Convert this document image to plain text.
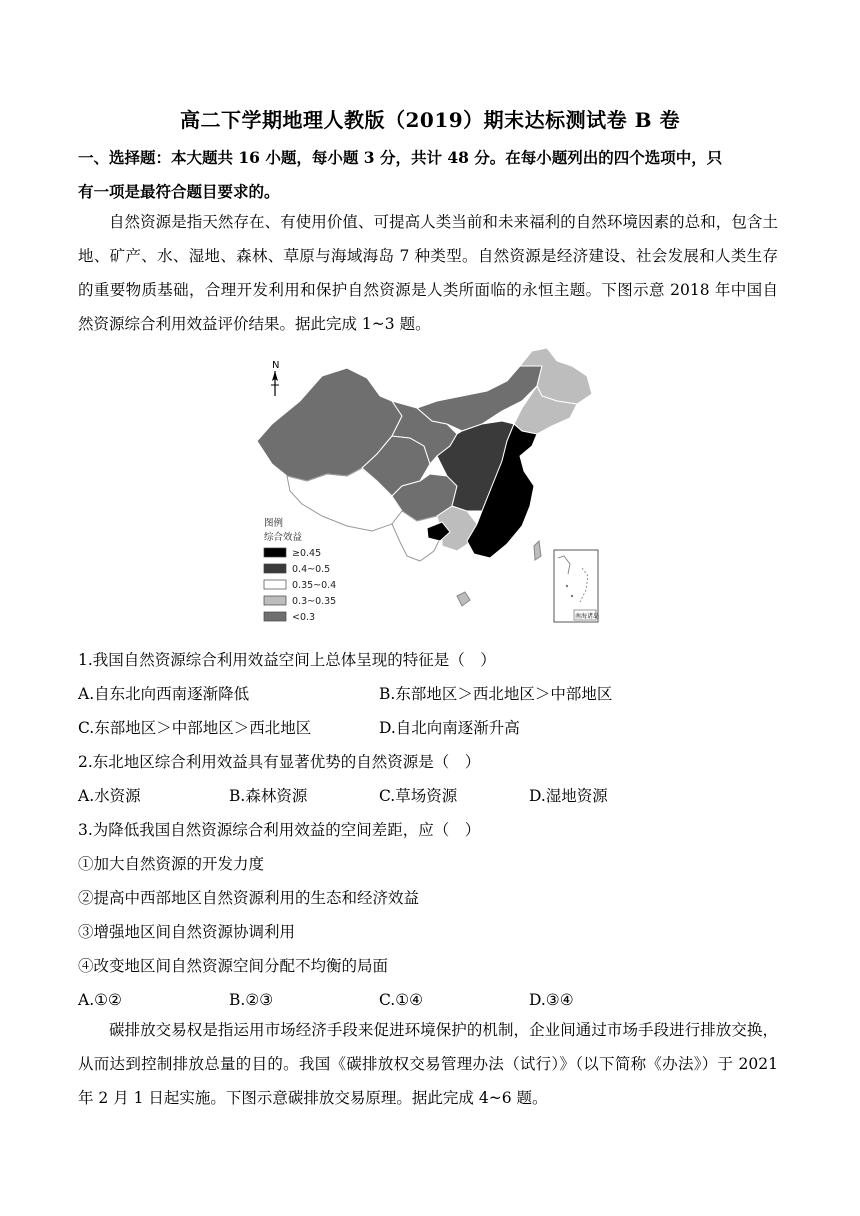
高二下学期地理人教版（2019）期末达标测试卷 B 卷
一、选择题：本大题共 16 小题，每小题 3 分，共计 48 分。在每小题列出的四个选项中，只
有一项是最符合题目要求的。
自然资源是指天然存在、有使用价值、可提高人类当前和未来福利的自然环境因素的总和，包含土地、矿产、水、湿地、森林、草原与海域海岛 7 种类型。自然资源是经济建设、社会发展和人类生存的重要物质基础，合理开发利用和保护自然资源是人类所面临的永恒主题。下图示意 2018 年中国自然资源综合利用效益评价结果。据此完成 1~3 题。
N
南海诸岛
图例
综合效益
≥0.45
0.4~0.5
0.35~0.4
0.3~0.35
<0.3
1.我国自然资源综合利用效益空间上总体呈现的特征是（　）
A.自东北向西南逐渐降低	B.东部地区＞西北地区＞中部地区
C.东部地区＞中部地区＞西北地区	D.自北向南逐渐升高
2.东北地区综合利用效益具有显著优势的自然资源是（　）
A.水资源	B.森林资源	C.草场资源	D.湿地资源
3.为降低我国自然资源综合利用效益的空间差距，应（　）
①加大自然资源的开发力度
②提高中西部地区自然资源利用的生态和经济效益
③增强地区间自然资源协调利用
④改变地区间自然资源空间分配不均衡的局面
A.①②	B.②③	C.①④	D.③④
碳排放交易权是指运用市场经济手段来促进环境保护的机制，企业间通过市场手段进行排放交换，从而达到控制排放总量的目的。我国《碳排放权交易管理办法（试行）》（以下简称《办法》）于 2021 年 2 月 1 日起实施。下图示意碳排放交易原理。据此完成 4~6 题。
